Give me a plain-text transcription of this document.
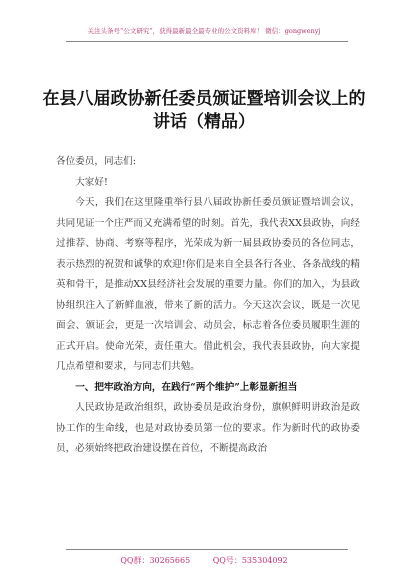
关注头条号“公文研究”，获得最新最全最专业的公文资料库！ 微信：gongwenyj
在县八届政协新任委员颁证暨培训会议上的讲话（精品）

各位委员，同志们:

大家好!

今天，我们在这里隆重举行县八届政协新任委员颁证暨培训会议，共同见证一个庄严而又充满希望的时刻。首先，我代表XX县政协，向经过推荐、协商、考察等程序，光荣成为新一届县政协委员的各位同志，表示热烈的祝贺和诚挚的欢迎!你们是来自全县各行各业、各条战线的精英和骨干，是推动XX县经济社会发展的重要力量。你们的加入，为县政协组织注入了新鲜血液，带来了新的活力。今天这次会议，既是一次见面会、颁证会，更是一次培训会、动员会，标志着各位委员履职生涯的正式开启。使命光荣，责任重大。借此机会，我代表县政协，向大家提几点希望和要求，与同志们共勉。

一、把牢政治方向，在践行“两个维护”上彰显新担当

人民政协是政治组织，政协委员是政治身份，旗帜鲜明讲政治是政协工作的生命线，也是对政协委员第一位的要求。作为新时代的政协委员，必须始终把政治建设摆在首位，不断提高政治

QQ群：30265665	QQ号：535304092
